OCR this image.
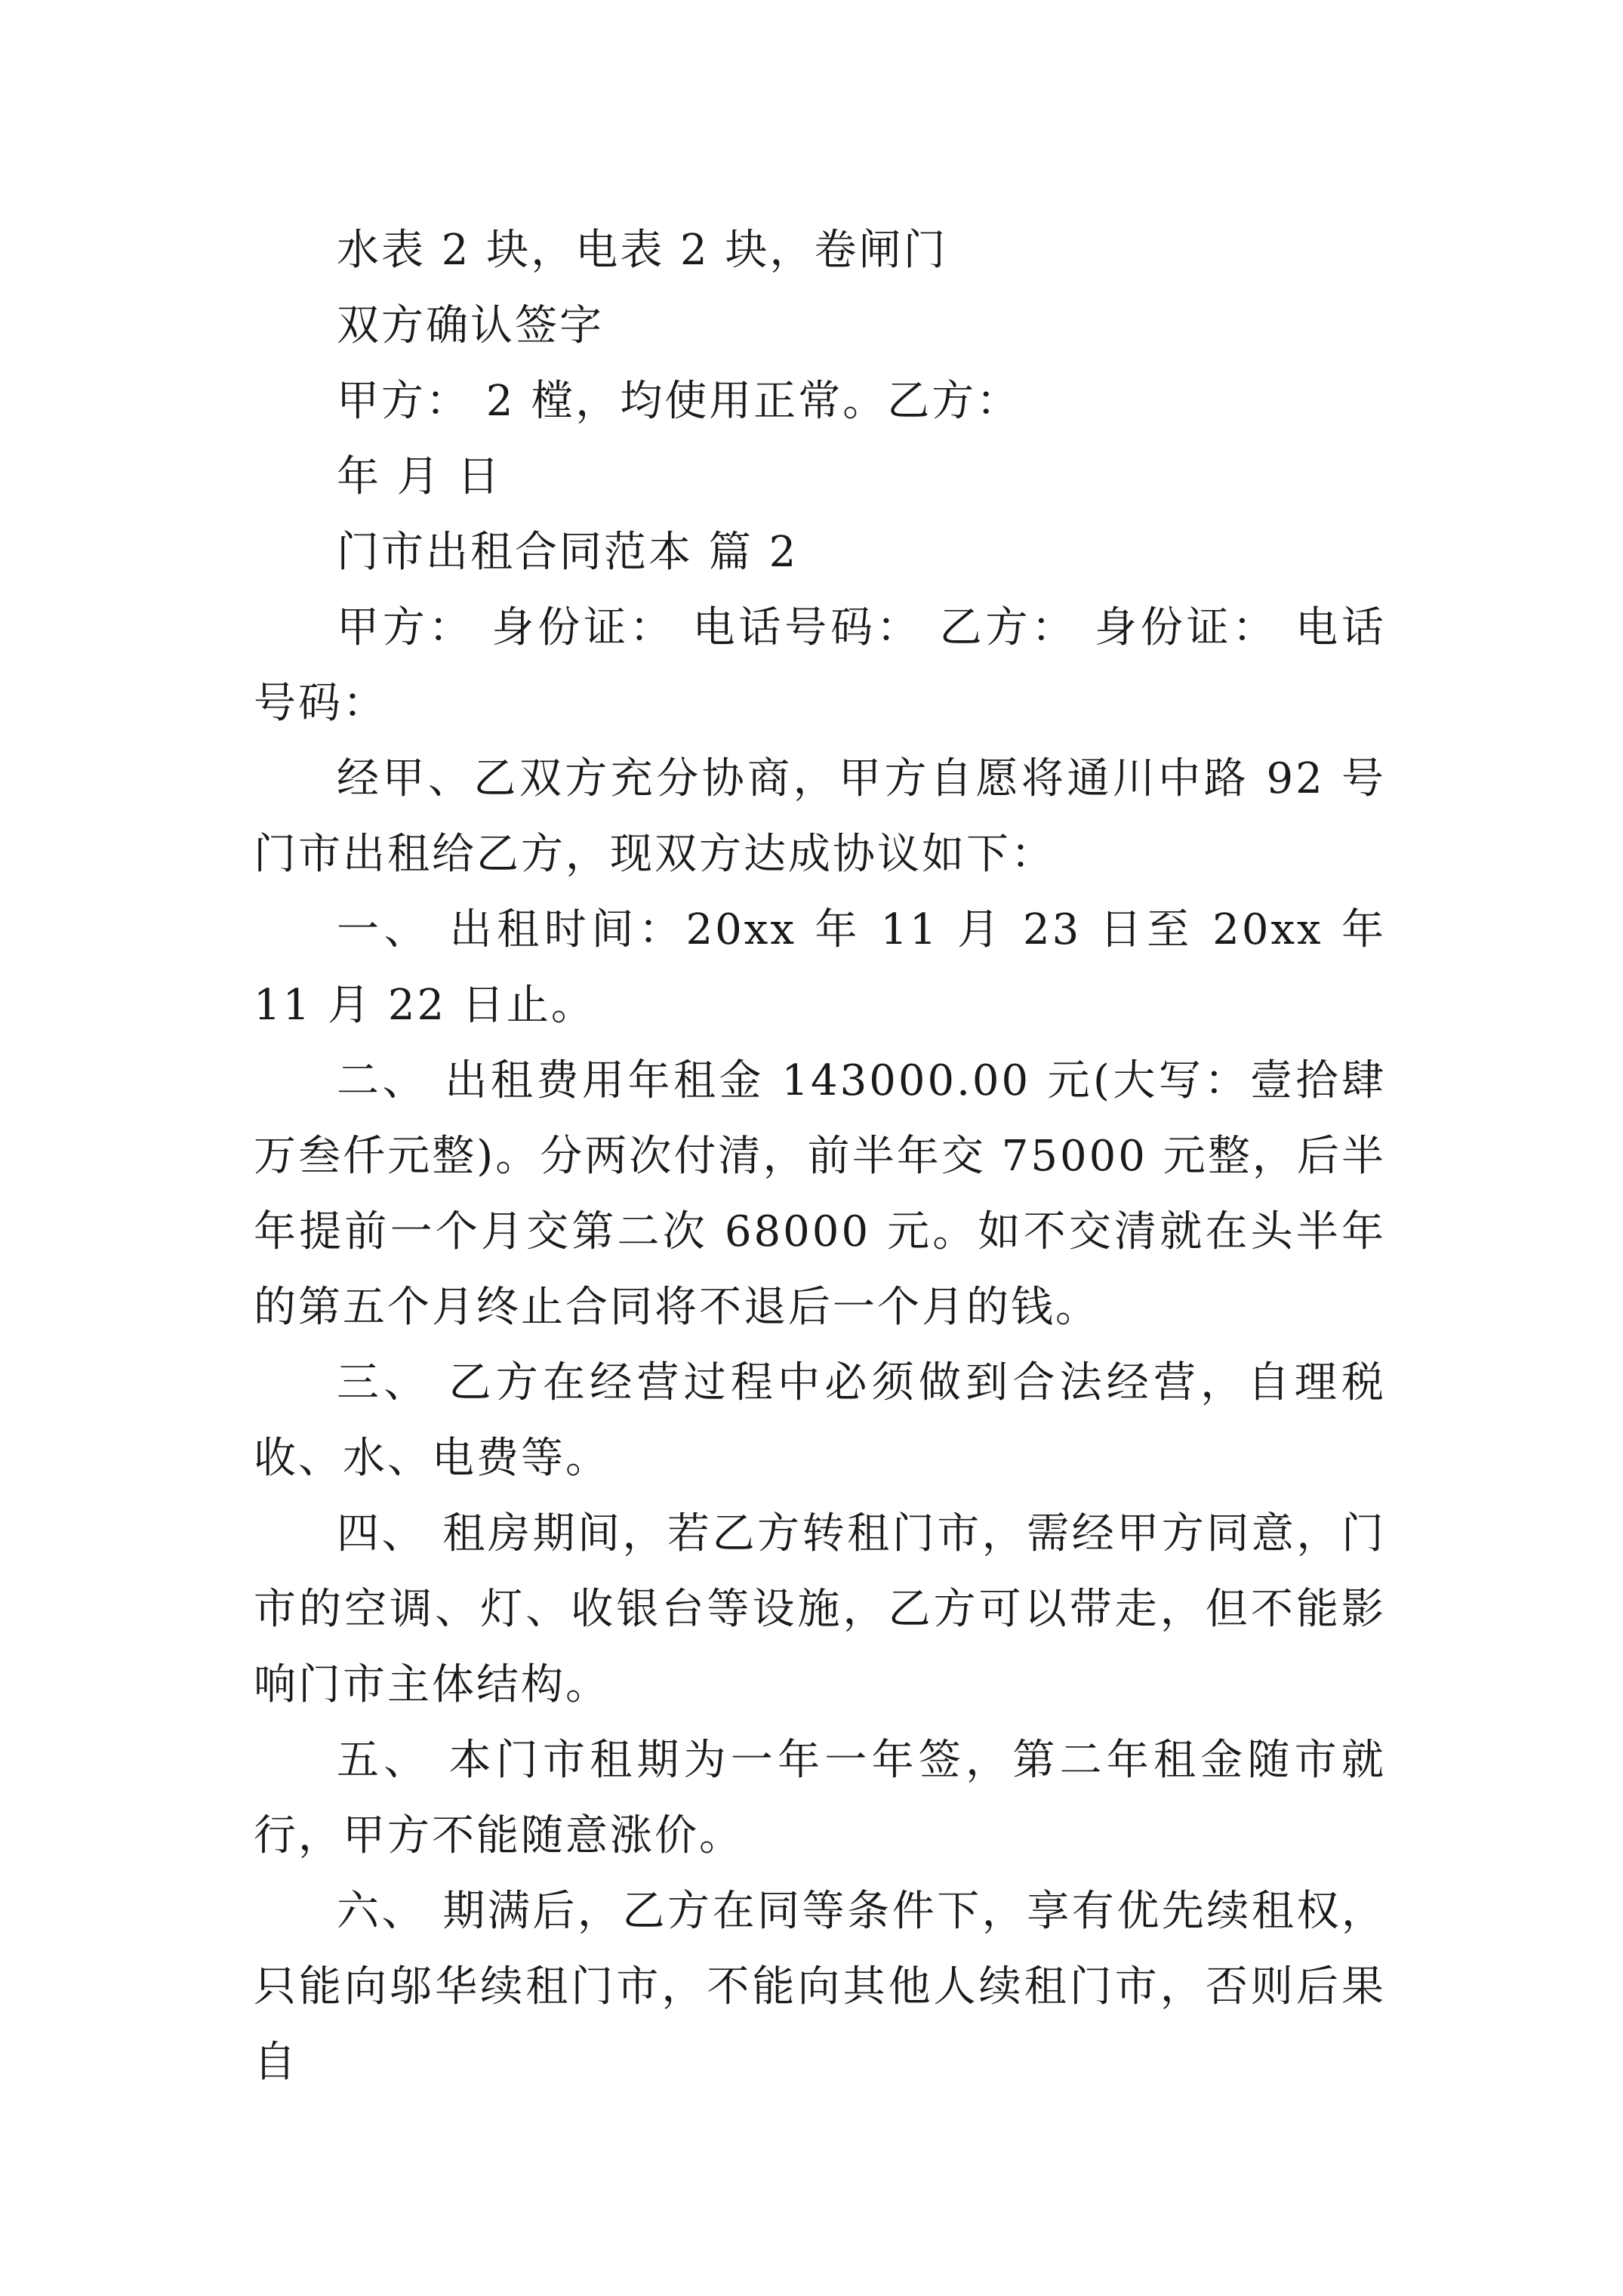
水表 2 块，电表 2 块，卷闸门
双方确认签字
甲方： 2 樘，均使用正常。乙方：
年 月 日
门市出租合同范本 篇 2
甲方： 身份证： 电话号码： 乙方： 身份证： 电话号码：
经甲、乙双方充分协商，甲方自愿将通川中路 92 号门市出租给乙方，现双方达成协议如下：
一、 出租时间：20xx 年 11 月 23 日至 20xx 年 11 月 22 日止。
二、 出租费用年租金 143000.00 元(大写：壹拾肆万叁仟元整)。分两次付清，前半年交 75000 元整，后半年提前一个月交第二次 68000 元。如不交清就在头半年的第五个月终止合同将不退后一个月的钱。
三、 乙方在经营过程中必须做到合法经营，自理税收、水、电费等。
四、 租房期间，若乙方转租门市，需经甲方同意，门市的空调、灯、收银台等设施，乙方可以带走，但不能影响门市主体结构。
五、 本门市租期为一年一年签，第二年租金随市就行，甲方不能随意涨价。
六、 期满后，乙方在同等条件下，享有优先续租权，只能向邬华续租门市，不能向其他人续租门市，否则后果自
